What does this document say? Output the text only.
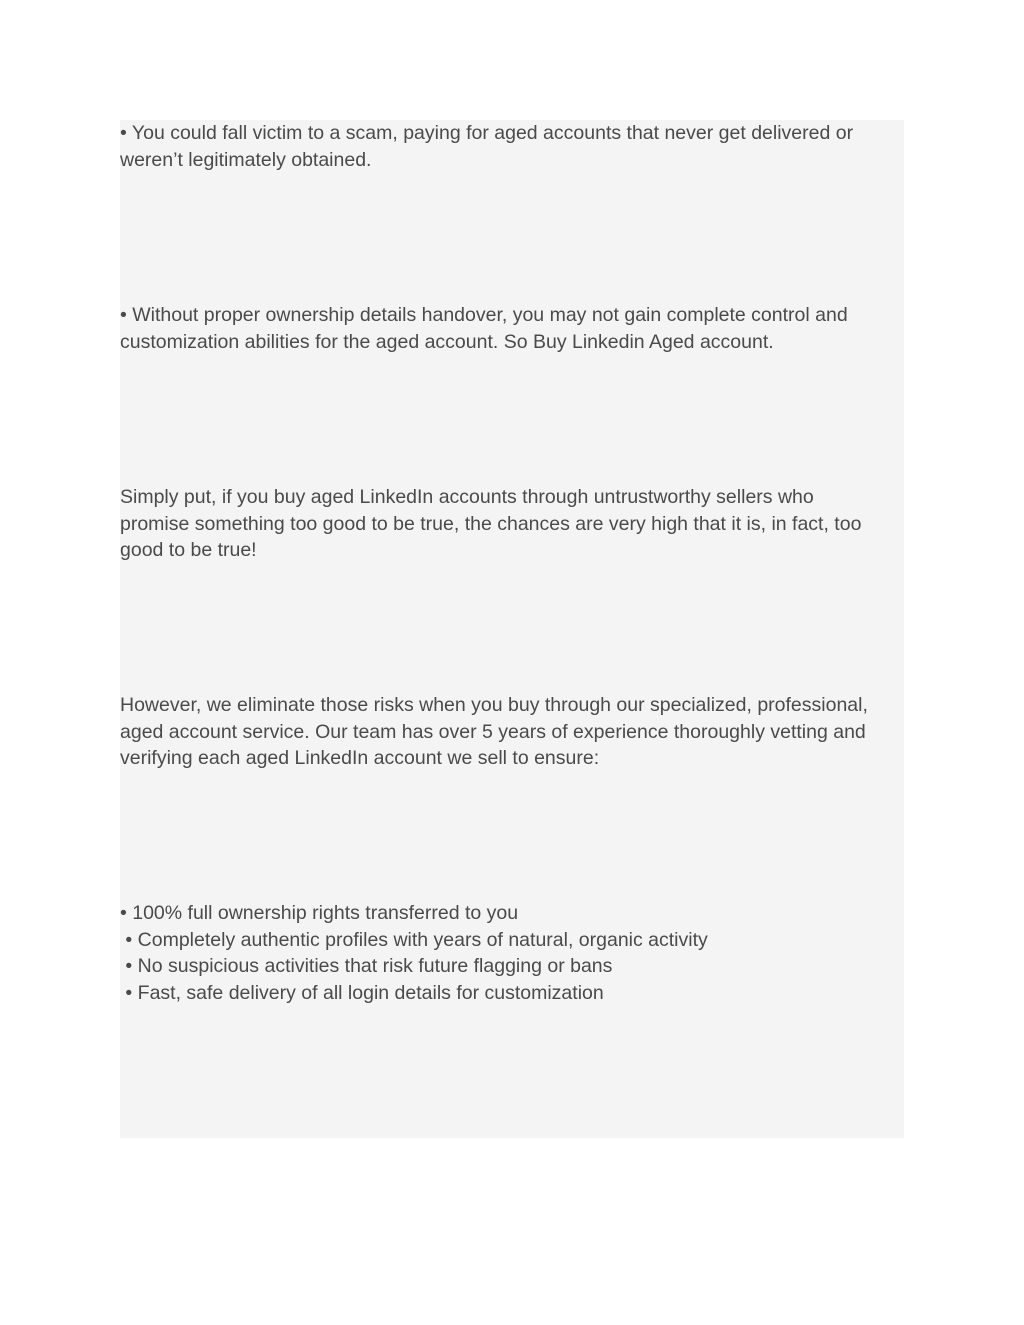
• You could fall victim to a scam, paying for aged accounts that never get delivered or
weren’t legitimately obtained.

• Without proper ownership details handover, you may not gain complete control and
customization abilities for the aged account. So Buy Linkedin Aged account.

Simply put, if you buy aged LinkedIn accounts through untrustworthy sellers who
promise something too good to be true, the chances are very high that it is, in fact, too
good to be true!

However, we eliminate those risks when you buy through our specialized, professional,
aged account service. Our team has over 5 years of experience thoroughly vetting and
verifying each aged LinkedIn account we sell to ensure:

• 100% full ownership rights transferred to you
• Completely authentic profiles with years of natural, organic activity
• No suspicious activities that risk future flagging or bans
• Fast, safe delivery of all login details for customization
